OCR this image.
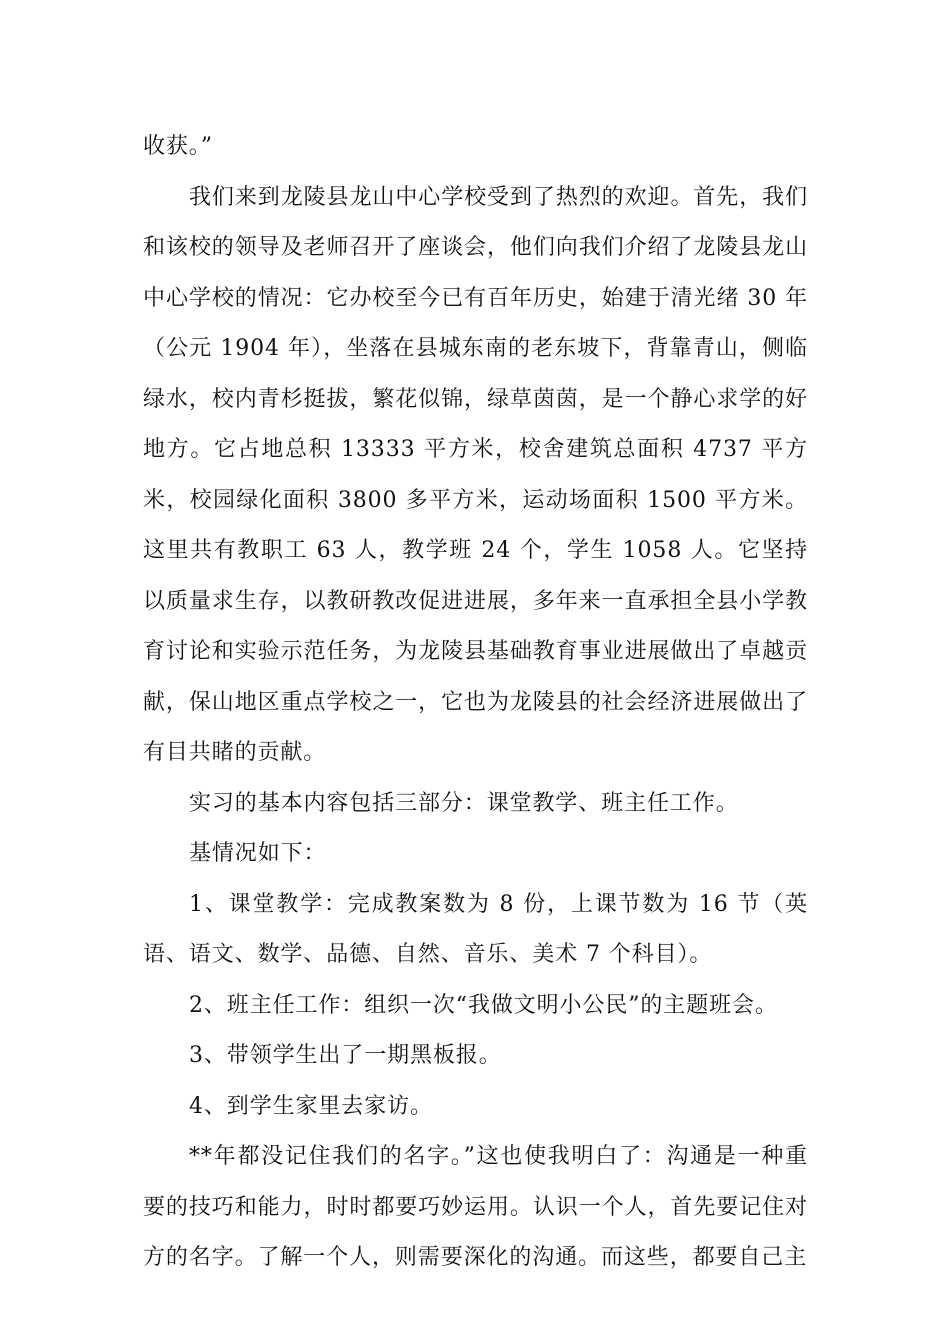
收获。”

我们来到龙陵县龙山中心学校受到了热烈的欢迎。首先，我们和该校的领导及老师召开了座谈会，他们向我们介绍了龙陵县龙山中心学校的情况：它办校至今已有百年历史，始建于清光绪 30 年（公元 1904 年），坐落在县城东南的老东坡下，背靠青山，侧临绿水，校内青杉挺拔，繁花似锦，绿草茵茵，是一个静心求学的好地方。它占地总积 13333 平方米，校舍建筑总面积 4737 平方米，校园绿化面积 3800 多平方米，运动场面积 1500 平方米。这里共有教职工 63 人，教学班 24 个，学生 1058 人。它坚持以质量求生存，以教研教改促进进展，多年来一直承担全县小学教育讨论和实验示范任务，为龙陵县基础教育事业进展做出了卓越贡献，保山地区重点学校之一，它也为龙陵县的社会经济进展做出了有目共睹的贡献。

实习的基本内容包括三部分：课堂教学、班主任工作。

基情况如下：

1、课堂教学：完成教案数为 8 份，上课节数为 16 节（英语、语文、数学、品德、自然、音乐、美术 7 个科目）。

2、班主任工作：组织一次“我做文明小公民”的主题班会。

3、带领学生出了一期黑板报。

4、到学生家里去家访。

**年都没记住我们的名字。”这也使我明白了：沟通是一种重要的技巧和能力，时时都要巧妙运用。认识一个人，首先要记住对方的名字。了解一个人，则需要深化的沟通。而这些，都要自己主
